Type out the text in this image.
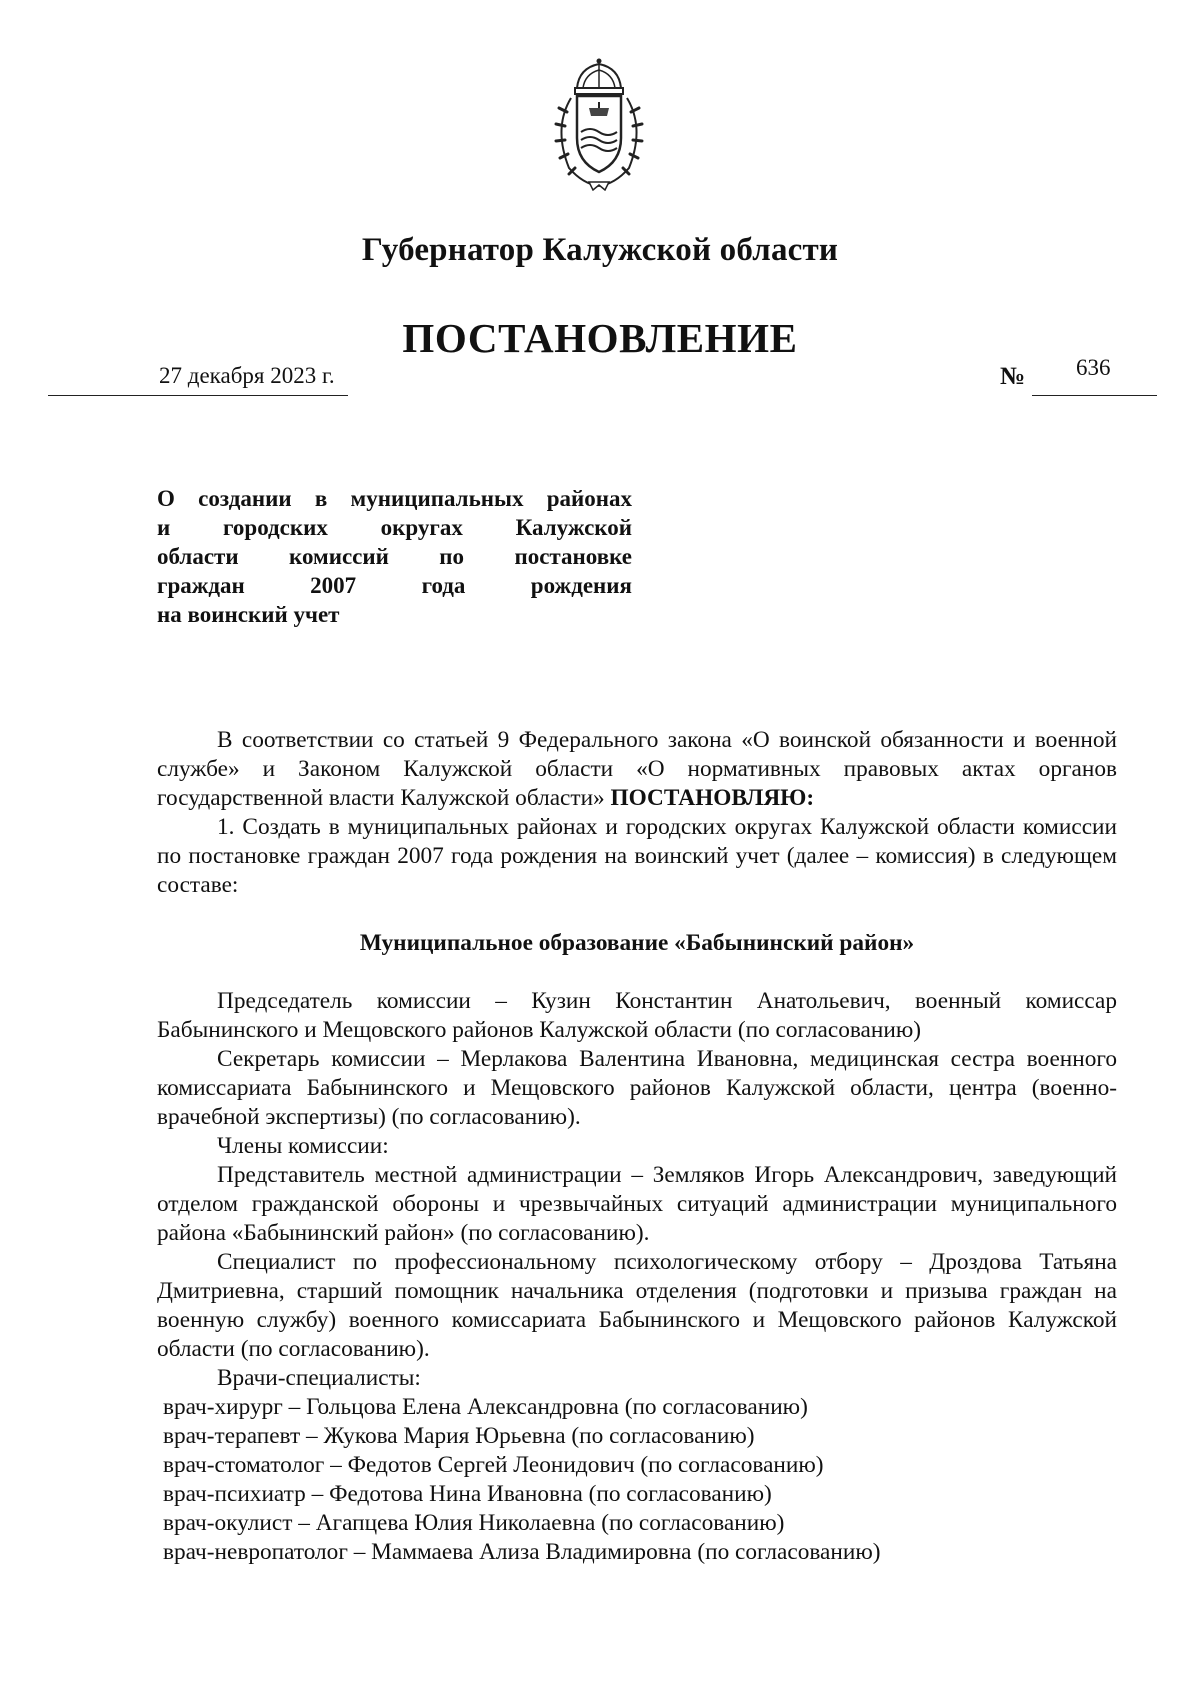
Губернатор Калужской области
ПОСТАНОВЛЕНИЕ
27 декабря 2023 г.	№ 636
О создании в муниципальных районах
и городских округах Калужской
области комиссий по постановке
граждан 2007 года рождения
на воинский учет

В соответствии со статьей 9 Федерального закона «О воинской обязанности и военной службе» и Законом Калужской области «О нормативных правовых актах органов государственной власти Калужской области» ПОСТАНОВЛЯЮ:

1. Создать в муниципальных районах и городских округах Калужской области комиссии по постановке граждан 2007 года рождения на воинский учет (далее – комиссия) в следующем составе:

Муниципальное образование «Бабынинский район»

Председатель комиссии – Кузин Константин Анатольевич, военный комиссар Бабынинского и Мещовского районов Калужской области (по согласованию)

Секретарь комиссии – Мерлакова Валентина Ивановна, медицинская сестра военного комиссариата Бабынинского и Мещовского районов Калужской области, центра (военно-врачебной экспертизы) (по согласованию).

Члены комиссии:

Представитель местной администрации – Земляков Игорь Александрович, заведующий отделом гражданской обороны и чрезвычайных ситуаций администрации муниципального района «Бабынинский район» (по согласованию).

Специалист по профессиональному психологическому отбору – Дроздова Татьяна Дмитриевна, старший помощник начальника отделения (подготовки и призыва граждан на военную службу) военного комиссариата Бабынинского и Мещовского районов Калужской области (по согласованию).

Врачи-специалисты:

врач-хирург – Гольцова Елена Александровна (по согласованию)
врач-терапевт – Жукова Мария Юрьевна (по согласованию)
врач-стоматолог – Федотов Сергей Леонидович (по согласованию)
врач-психиатр – Федотова Нина Ивановна (по согласованию)
врач-окулист – Агапцева Юлия Николаевна (по согласованию)
врач-невропатолог – Маммаева Ализа Владимировна (по согласованию)
